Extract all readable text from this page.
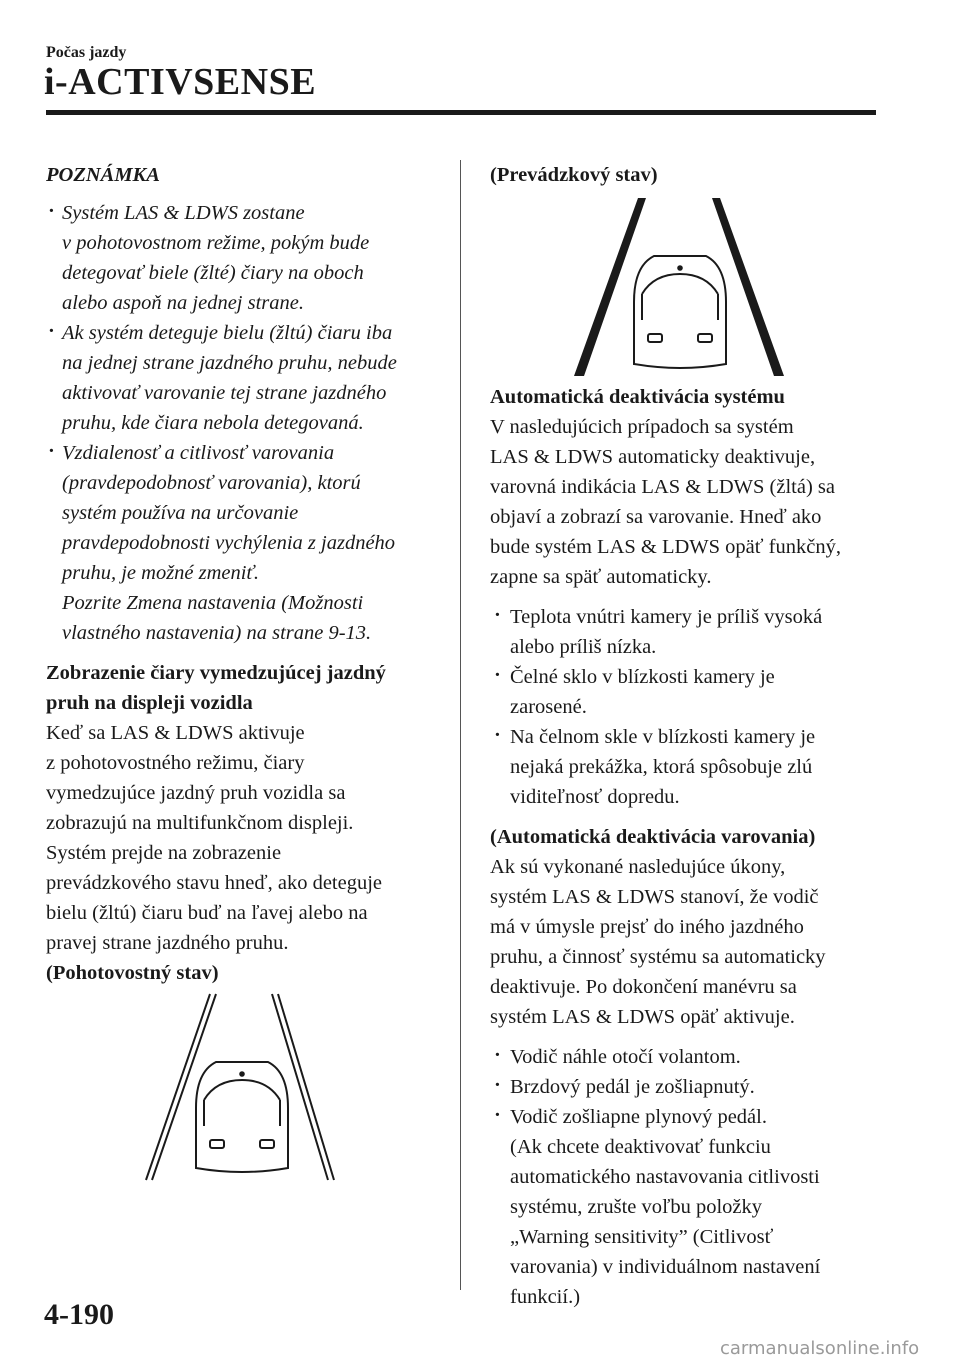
Počas jazdy
i-ACTIVSENSE
POZNÁMKA
· Systém LAS & LDWS zostane
v pohotovostnom režime, pokým bude
detegovať biele (žlté) čiary na oboch
alebo aspoň na jednej strane.
· Ak systém deteguje bielu (žltú) čiaru iba
na jednej strane jazdného pruhu, nebude
aktivovať varovanie tej strane jazdného
pruhu, kde čiara nebola detegovaná.
· Vzdialenosť a citlivosť varovania
(pravdepodobnosť varovania), ktorú
systém používa na určovanie
pravdepodobnosti vychýlenia z jazdného
pruhu, je možné zmeniť.
Pozrite Zmena nastavenia (Možnosti
vlastného nastavenia) na strane 9-13.
Zobrazenie čiary vymedzujúcej jazdný
pruh na displeji vozidla

Keď sa LAS & LDWS aktivuje
z pohotovostného režimu, čiary
vymedzujúce jazdný pruh vozidla sa
zobrazujú na multifunkčnom displeji.
Systém prejde na zobrazenie
prevádzkového stavu hneď, ako deteguje
bielu (žltú) čiaru buď na ľavej alebo na
pravej strane jazdného pruhu.

(Pohotovostný stav)
(Prevádzkový stav)
Automatická deaktivácia systému

V nasledujúcich prípadoch sa systém
LAS & LDWS automaticky deaktivuje,
varovná indikácia LAS & LDWS (žltá) sa
objaví a zobrazí sa varovanie. Hneď ako
bude systém LAS & LDWS opäť funkčný,
zapne sa späť automaticky.

· Teplota vnútri kamery je príliš vysoká
alebo príliš nízka.
· Čelné sklo v blízkosti kamery je
zarosené.
· Na čelnom skle v blízkosti kamery je
nejaká prekážka, ktorá spôsobuje zlú
viditeľnosť dopredu.
(Automatická deaktivácia varovania)

Ak sú vykonané nasledujúce úkony,
systém LAS & LDWS stanoví, že vodič
má v úmysle prejsť do iného jazdného
pruhu, a činnosť systému sa automaticky
deaktivuje. Po dokončení manévru sa
systém LAS & LDWS opäť aktivuje.

· Vodič náhle otočí volantom.
· Brzdový pedál je zošliapnutý.
· Vodič zošliapne plynový pedál.
(Ak chcete deaktivovať funkciu
automatického nastavovania citlivosti
systému, zrušte voľbu položky
„Warning sensitivity” (Citlivosť
varovania) v individuálnom nastavení
funkcií.)
4-190
carmanualsonline.info
